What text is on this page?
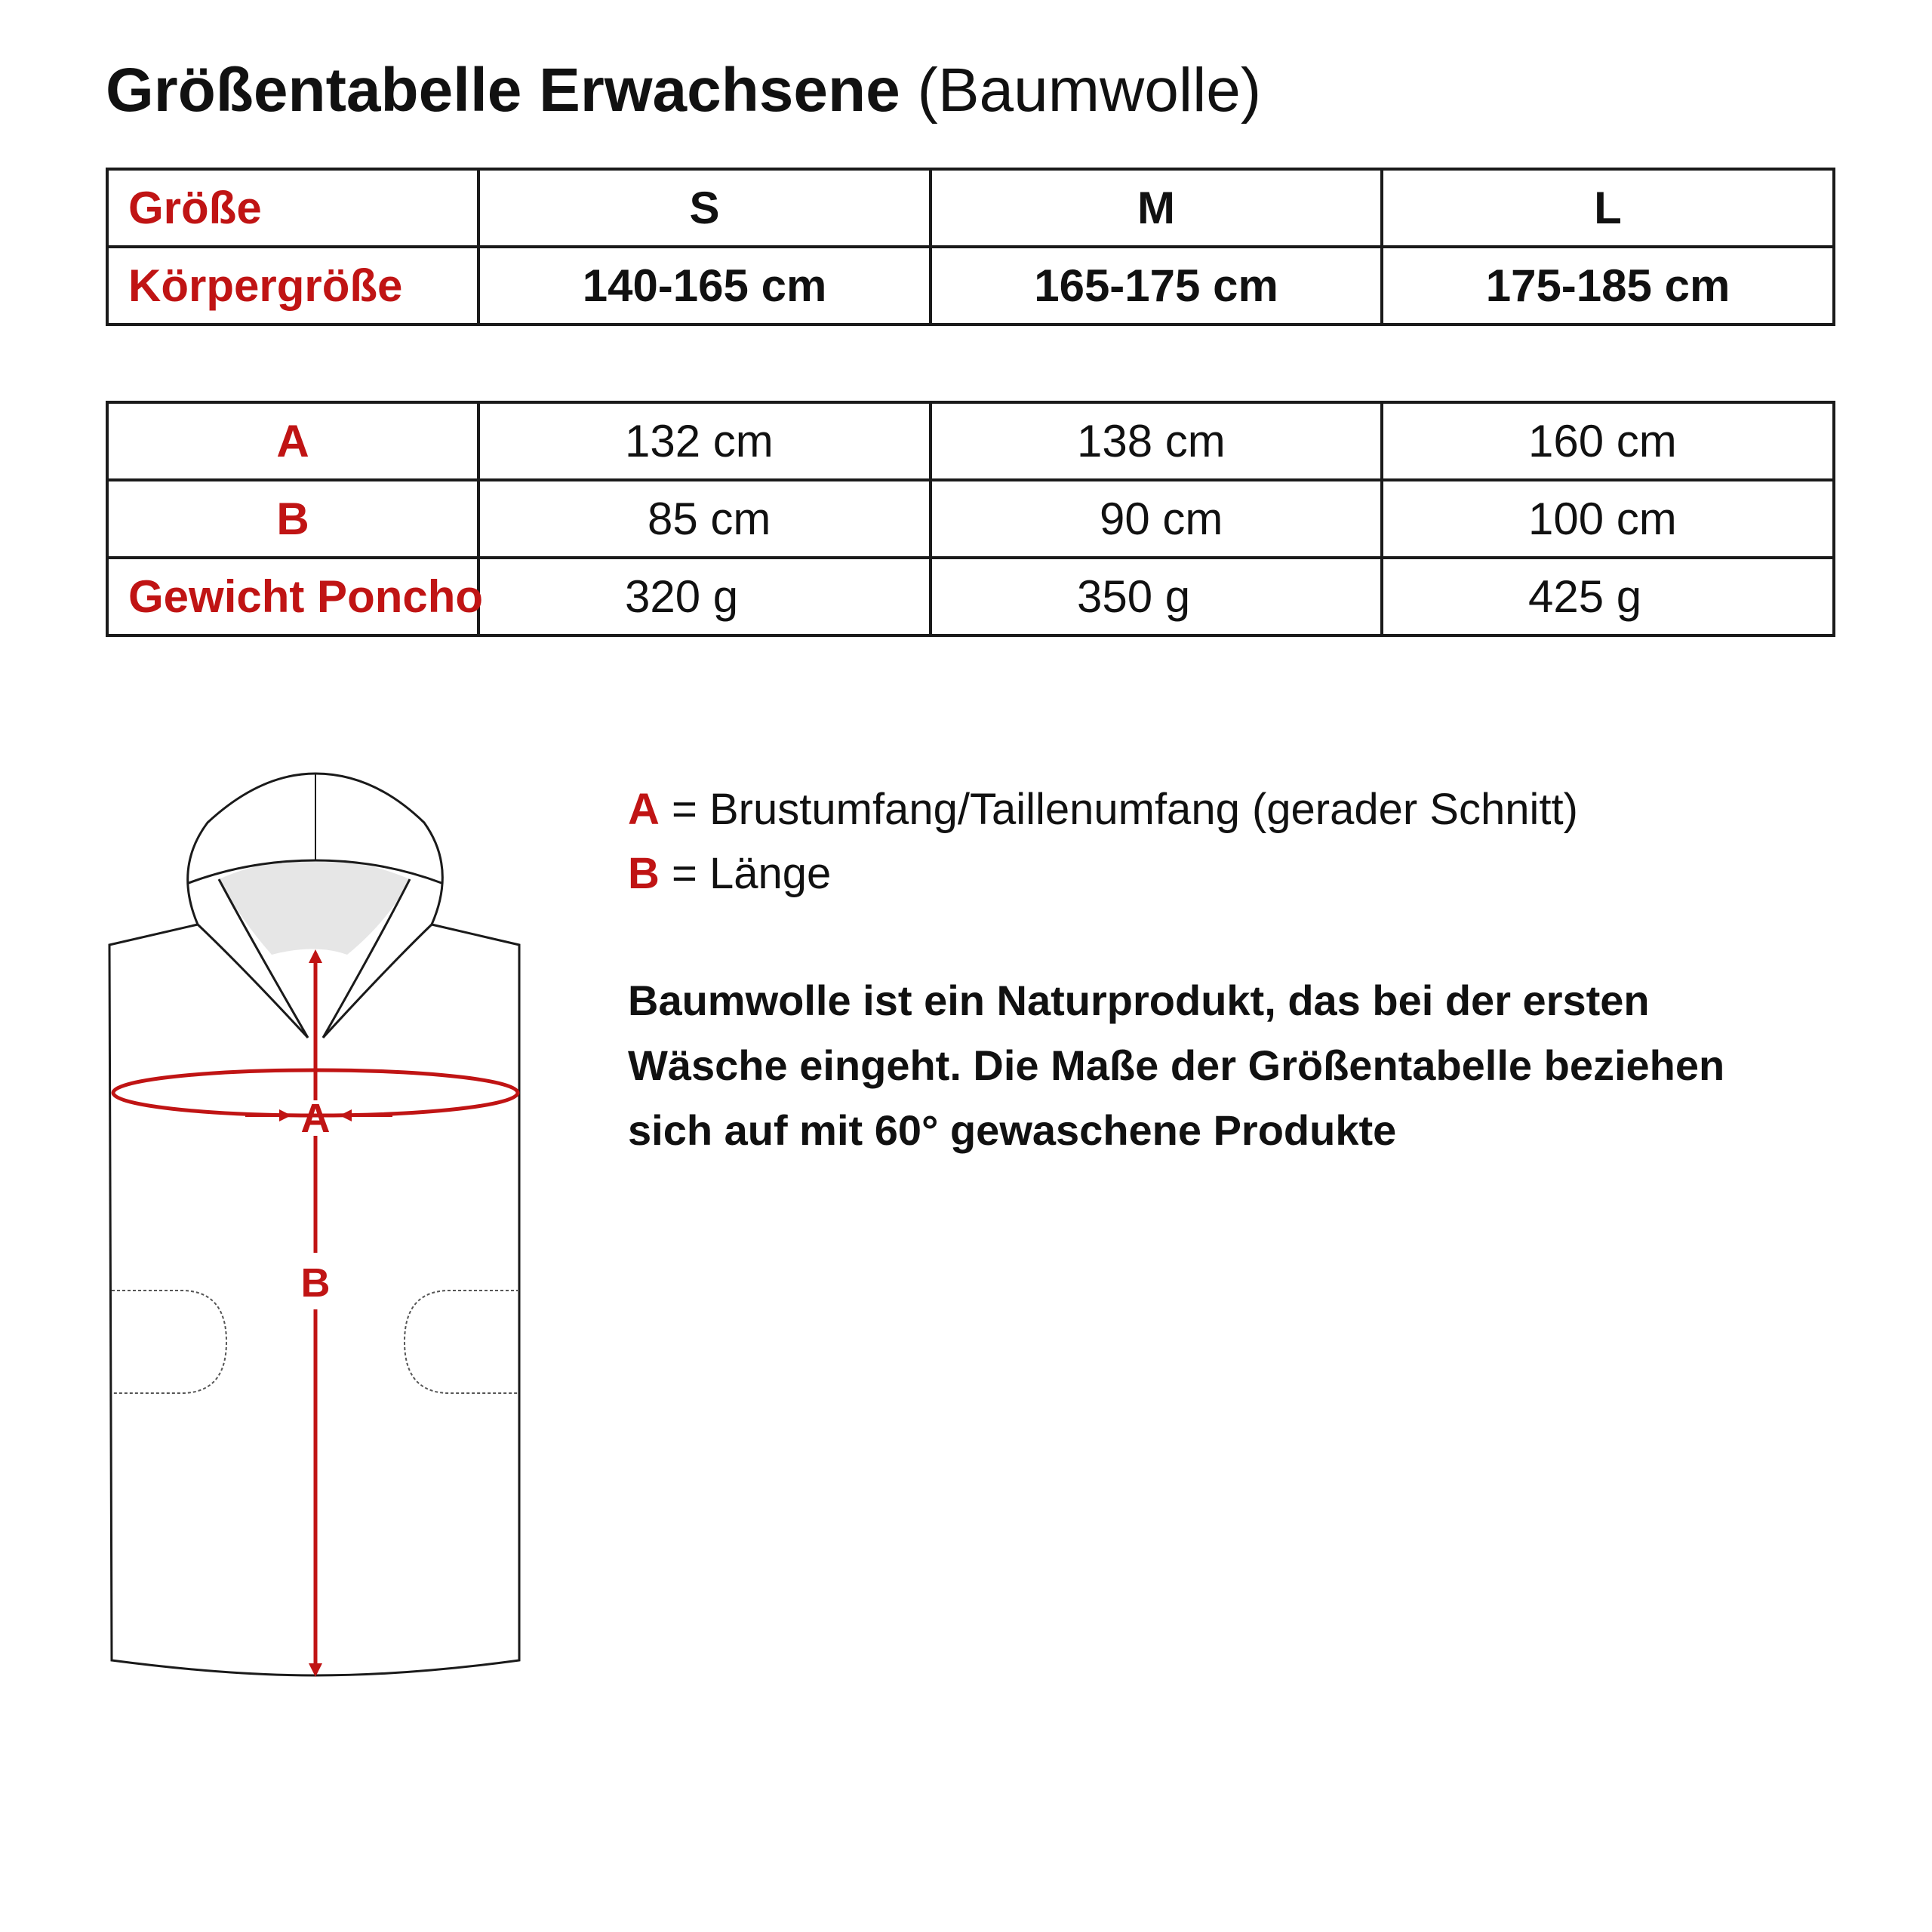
Größentabelle Erwachsene (Baumwolle)
Größe	S	M	L
Körpergröße	140-165 cm	165-175 cm	175-185 cm
A	132 cm	138 cm	160 cm
B	85 cm	90 cm	100 cm
Gewicht Poncho	320 g	350 g	425 g
A
B
A = Brustumfang/Taillenumfang (gerader Schnitt)
B = Länge

Baumwolle ist ein Naturprodukt, das bei der ersten Wäsche eingeht. Die Maße der Größentabelle beziehen sich auf mit 60° gewaschene Produkte
